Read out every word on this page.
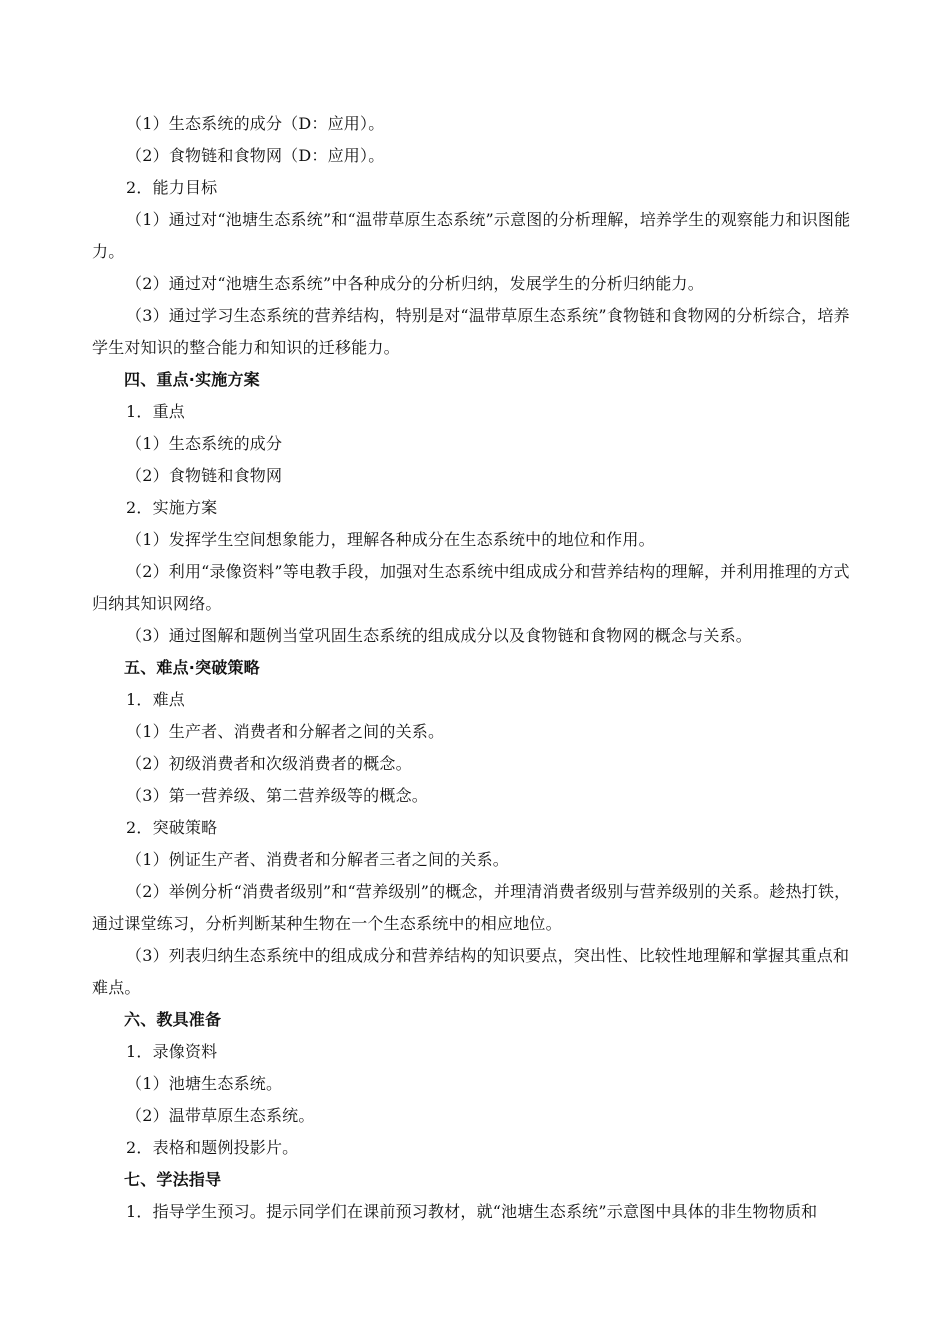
（1）生态系统的成分（D：应用）。

（2）食物链和食物网（D：应用）。

2．能力目标

（1）通过对“池塘生态系统”和“温带草原生态系统”示意图的分析理解，培养学生的观察能力和识图能力。

（2）通过对“池塘生态系统”中各种成分的分析归纳，发展学生的分析归纳能力。

（3）通过学习生态系统的营养结构，特别是对“温带草原生态系统”食物链和食物网的分析综合，培养学生对知识的整合能力和知识的迁移能力。

四、重点·实施方案

1．重点

（1）生态系统的成分

（2）食物链和食物网

2．实施方案

（1）发挥学生空间想象能力，理解各种成分在生态系统中的地位和作用。

（2）利用“录像资料”等电教手段，加强对生态系统中组成成分和营养结构的理解，并利用推理的方式归纳其知识网络。

（3）通过图解和题例当堂巩固生态系统的组成成分以及食物链和食物网的概念与关系。

五、难点·突破策略

1．难点

（1）生产者、消费者和分解者之间的关系。

（2）初级消费者和次级消费者的概念。

（3）第一营养级、第二营养级等的概念。

2．突破策略

（1）例证生产者、消费者和分解者三者之间的关系。

（2）举例分析“消费者级别”和“营养级别”的概念，并理清消费者级别与营养级别的关系。趁热打铁，通过课堂练习，分析判断某种生物在一个生态系统中的相应地位。

（3）列表归纳生态系统中的组成成分和营养结构的知识要点，突出性、比较性地理解和掌握其重点和难点。

六、教具准备

1．录像资料

（1）池塘生态系统。

（2）温带草原生态系统。

2．表格和题例投影片。

七、学法指导

1．指导学生预习。提示同学们在课前预习教材，就“池塘生态系统”示意图中具体的非生物物质和
